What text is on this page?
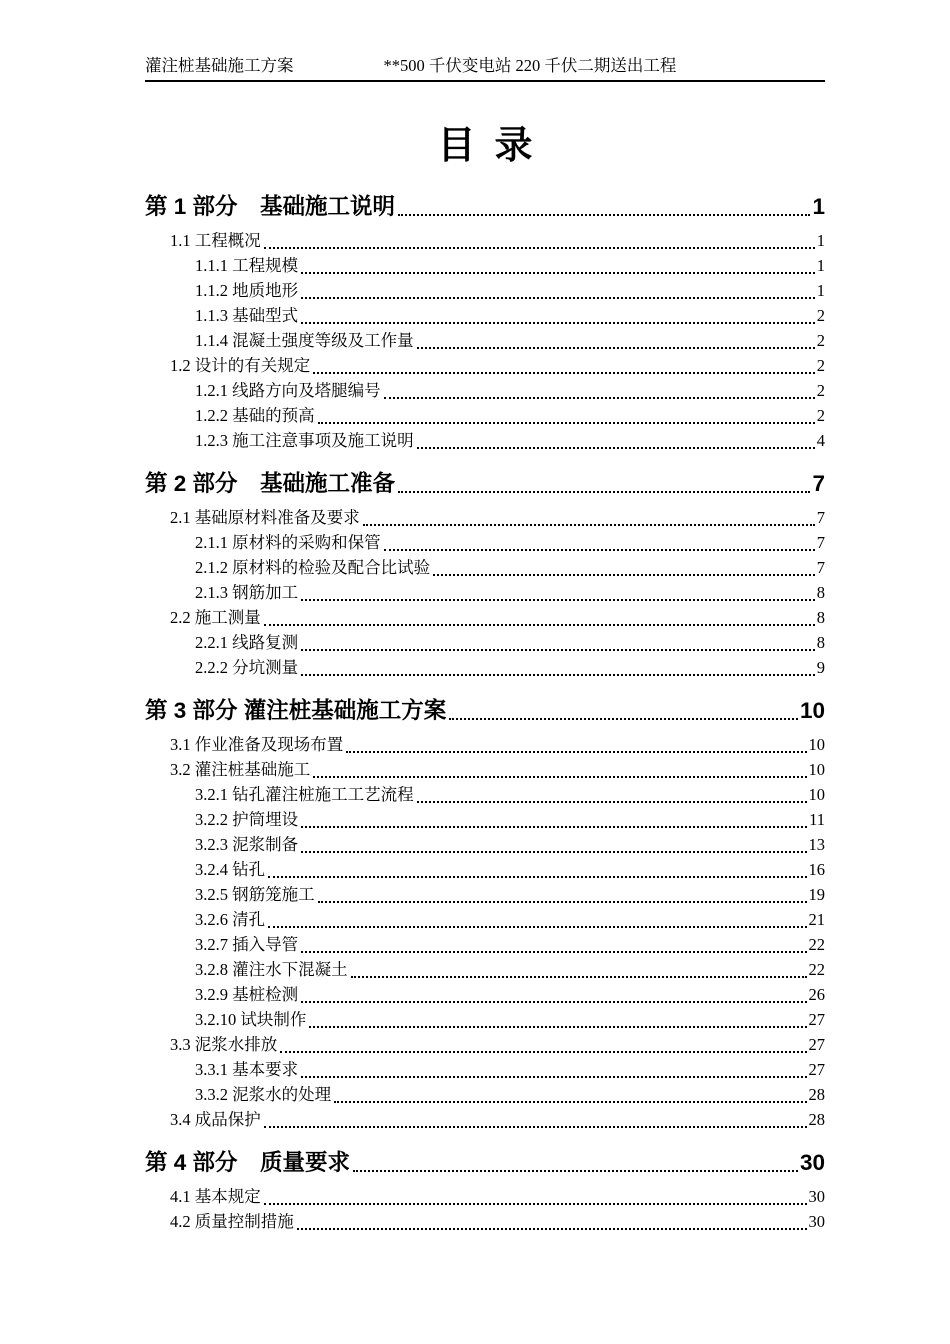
灌注桩基础施工方案	**500 千伏变电站 220 千伏二期送出工程
目  录
第 1 部分　基础施工说明	1
1.1 工程概况	1
1.1.1 工程规模	1
1.1.2 地质地形	1
1.1.3 基础型式	2
1.1.4 混凝土强度等级及工作量	2
1.2 设计的有关规定	2
1.2.1 线路方向及塔腿编号	2
1.2.2 基础的预高	2
1.2.3 施工注意事项及施工说明	4
第 2 部分　基础施工准备	7
2.1 基础原材料准备及要求	7
2.1.1 原材料的采购和保管	7
2.1.2 原材料的检验及配合比试验	7
2.1.3 钢筋加工	8
2.2 施工测量	8
2.2.1 线路复测	8
2.2.2 分坑测量	9
第 3 部分 灌注桩基础施工方案	10
3.1 作业准备及现场布置	10
3.2 灌注桩基础施工	10
3.2.1 钻孔灌注桩施工工艺流程	10
3.2.2 护筒埋设	11
3.2.3 泥浆制备	13
3.2.4 钻孔	16
3.2.5 钢筋笼施工	19
3.2.6 清孔	21
3.2.7 插入导管	22
3.2.8 灌注水下混凝土	22
3.2.9 基桩检测	26
3.2.10 试块制作	27
3.3 泥浆水排放	27
3.3.1 基本要求	27
3.3.2 泥浆水的处理	28
3.4 成品保护	28
第 4 部分　质量要求	30
4.1 基本规定	30
4.2 质量控制措施	30
